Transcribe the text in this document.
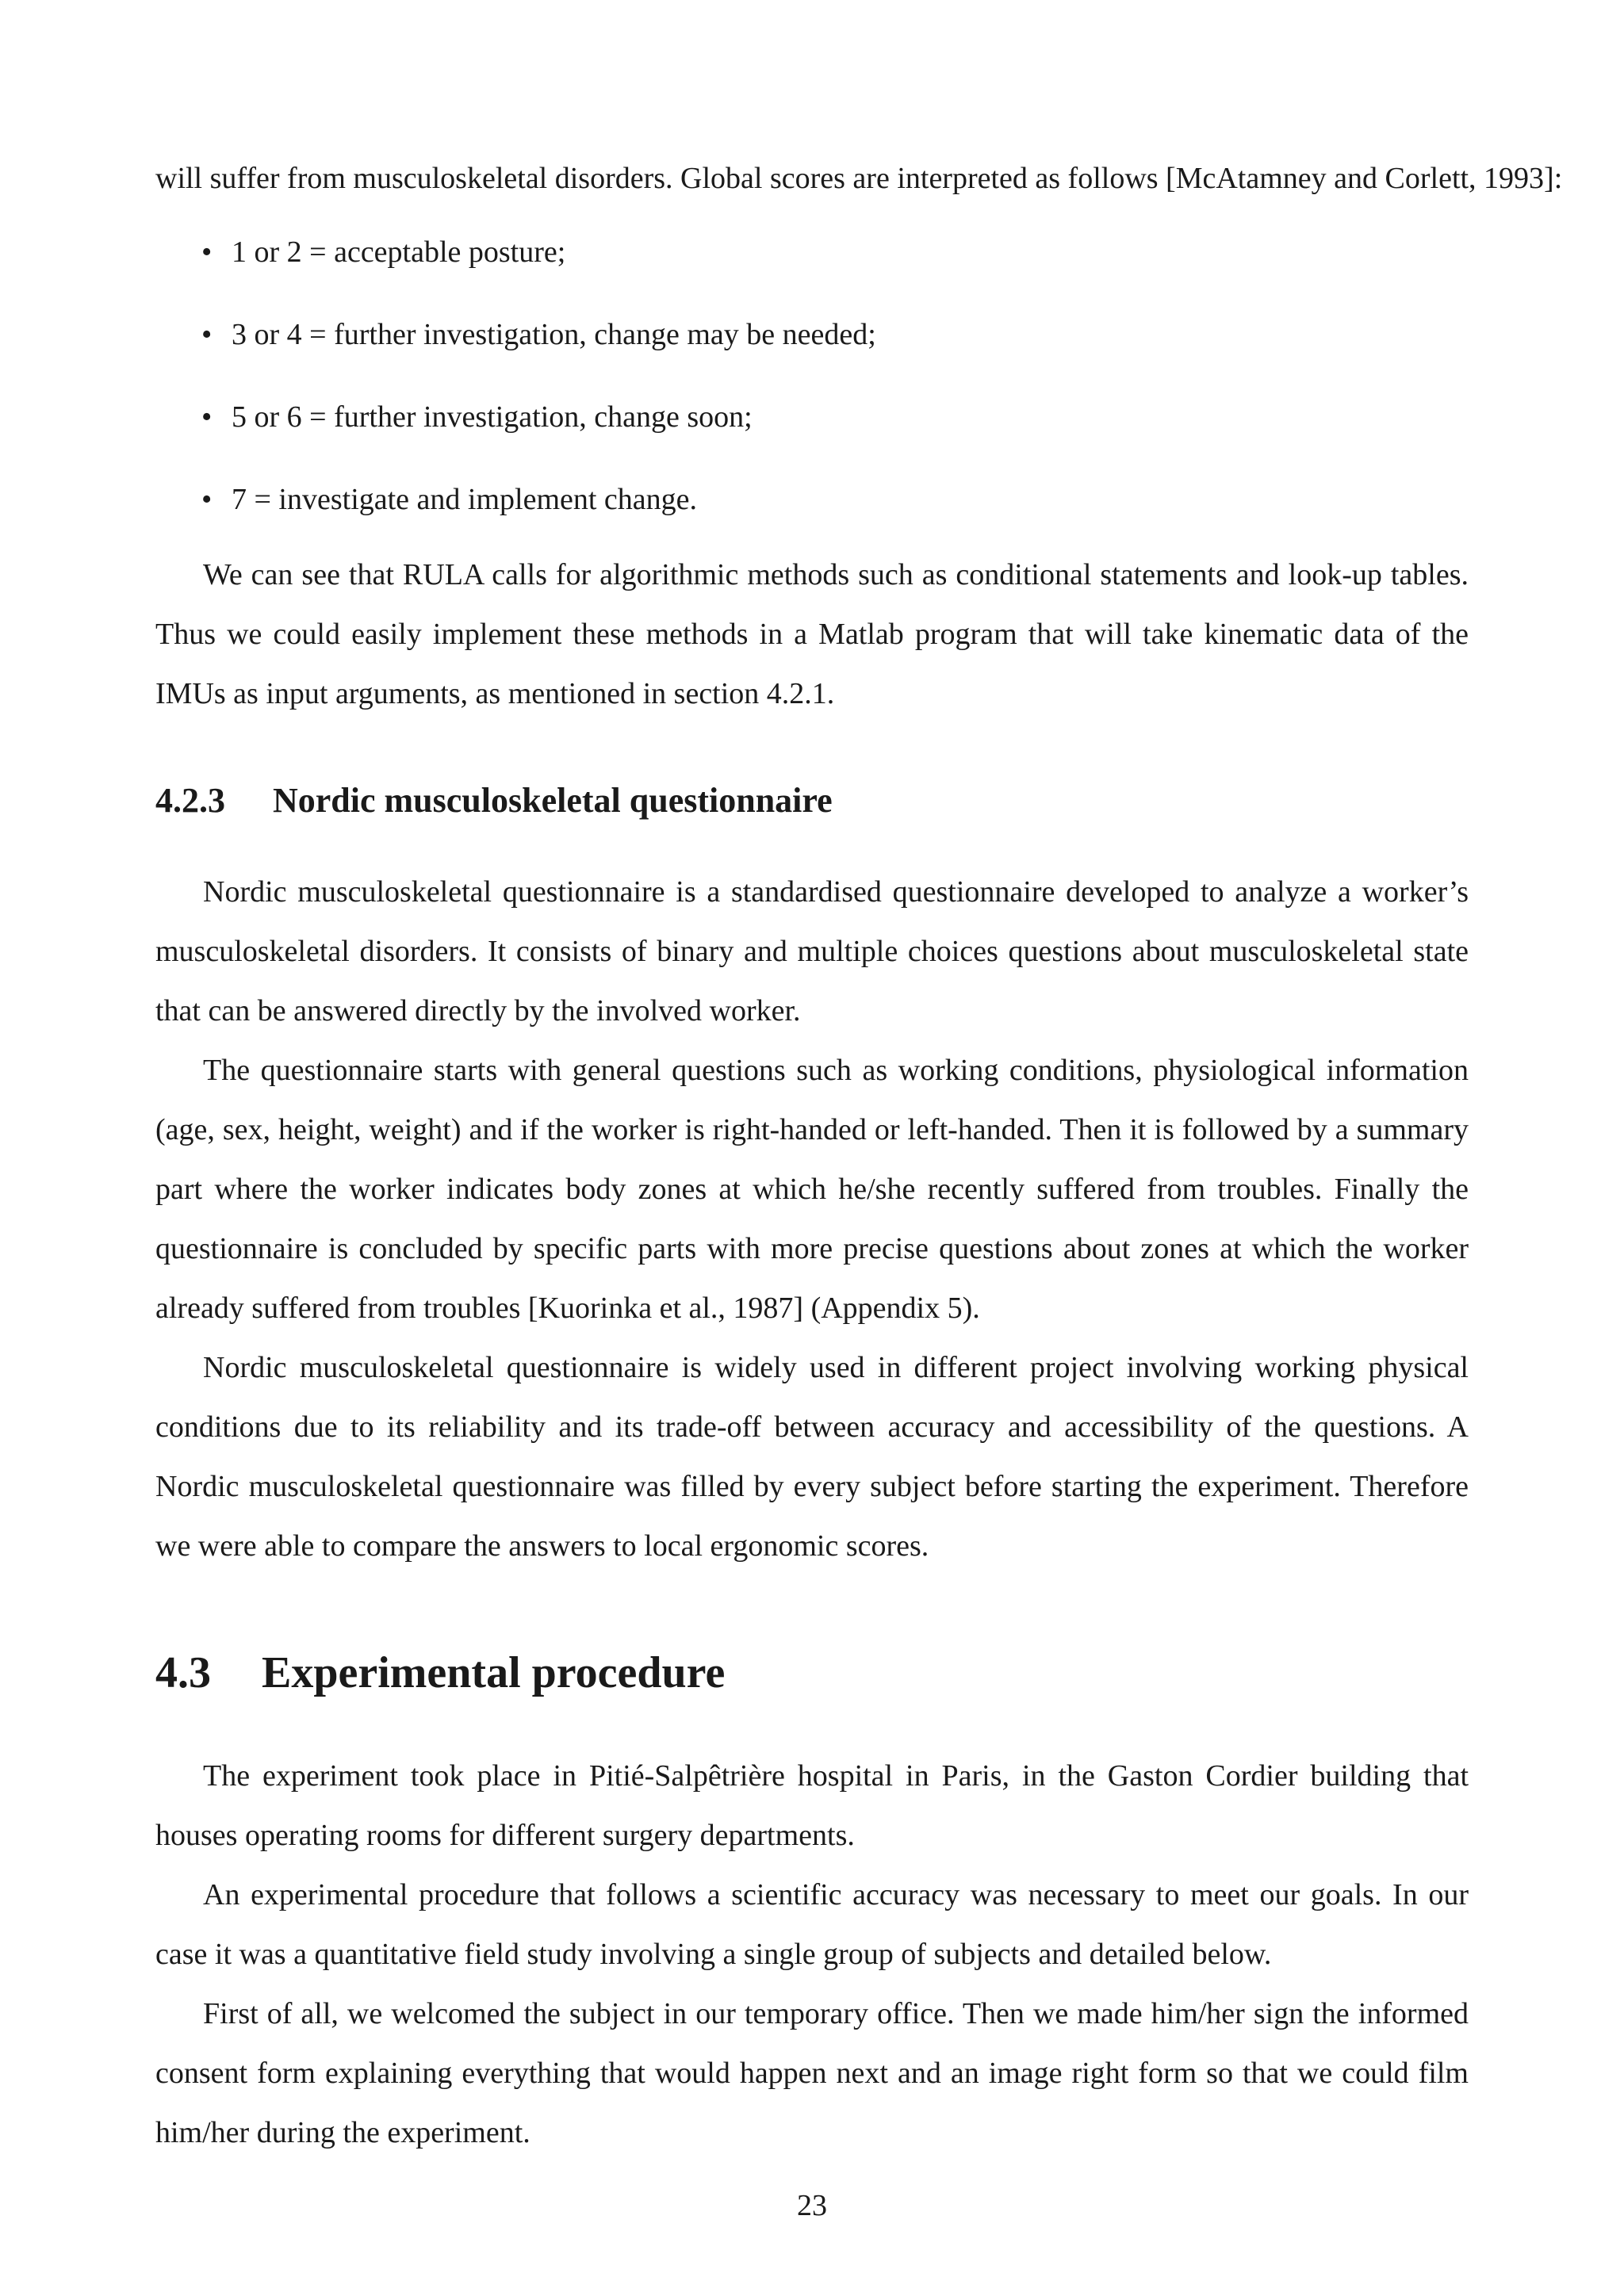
will suffer from musculoskeletal disorders. Global scores are interpreted as follows [McAtamney and Corlett, 1993]:
• 1 or 2 = acceptable posture;
• 3 or 4 = further investigation, change may be needed;
• 5 or 6 = further investigation, change soon;
• 7 = investigate and implement change.

We can see that RULA calls for algorithmic methods such as conditional statements and look-up tables. Thus we could easily implement these methods in a Matlab program that will take kinematic data of the IMUs as input arguments, as mentioned in section 4.2.1.

4.2.3 Nordic musculoskeletal questionnaire

Nordic musculoskeletal questionnaire is a standardised questionnaire developed to analyze a worker’s musculoskeletal disorders. It consists of binary and multiple choices questions about musculoskeletal state that can be answered directly by the involved worker.

The questionnaire starts with general questions such as working conditions, physiological information (age, sex, height, weight) and if the worker is right-handed or left-handed. Then it is followed by a summary part where the worker indicates body zones at which he/she recently suffered from troubles. Finally the questionnaire is concluded by specific parts with more precise questions about zones at which the worker already suffered from troubles [Kuorinka et al., 1987] (Appendix 5).

Nordic musculoskeletal questionnaire is widely used in different project involving working physical conditions due to its reliability and its trade-off between accuracy and accessibility of the questions. A Nordic musculoskeletal questionnaire was filled by every subject before starting the experiment. Therefore we were able to compare the answers to local ergonomic scores.

4.3 Experimental procedure

The experiment took place in Pitié-Salpêtrière hospital in Paris, in the Gaston Cordier building that houses operating rooms for different surgery departments.

An experimental procedure that follows a scientific accuracy was necessary to meet our goals. In our case it was a quantitative field study involving a single group of subjects and detailed below.

First of all, we welcomed the subject in our temporary office. Then we made him/her sign the informed consent form explaining everything that would happen next and an image right form so that we could film him/her during the experiment.

23
